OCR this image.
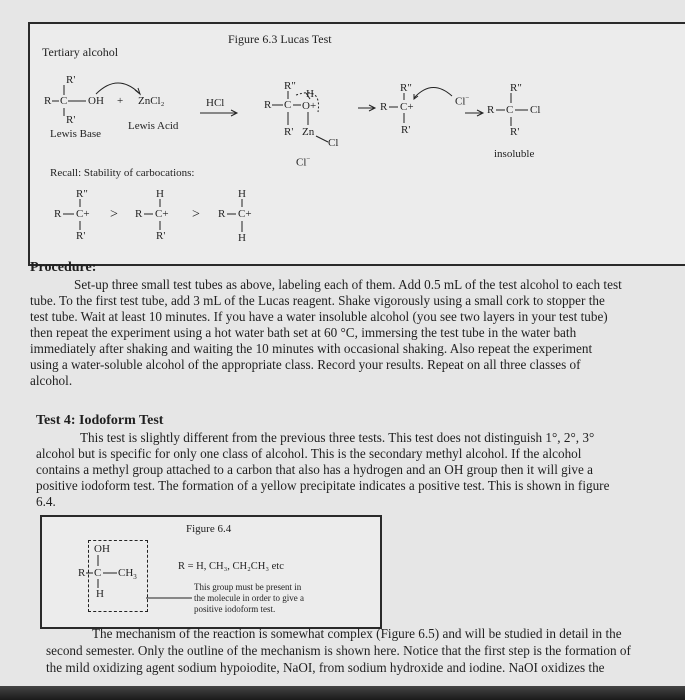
Figure 6.3 Lucas Test
Tertiary alcohol
R'
R C OH
R'
+ ZnCl₂
Lewis Base
Lewis Acid
HCl
R"
H
R C O+
R' Zn
Cl
Cl−
R"
R C+
R'
Cl−
R"
R C Cl
R'
insoluble
Recall: Stability of carbocations:
R"
R C+
R'
>
H
R C+
R'
>
H
R C+
H
Procedure:
Set-up three small test tubes as above, labeling each of them. Add 0.5 mL of the test alcohol to each test
tube. To the first test tube, add 3 mL of the Lucas reagent. Shake vigorously using a small cork to stopper the
test tube. Wait at least 10 minutes. If you have a water insoluble alcohol (you see two layers in your test tube)
then repeat the experiment using a hot water bath set at 60 °C, immersing the test tube in the water bath
immediately after shaking and waiting the 10 minutes with occasional shaking. Also repeat the experiment
using a water-soluble alcohol of the appropriate class. Record your results. Repeat on all three classes of
alcohol.
Test 4: Iodoform Test
This test is slightly different from the previous three tests. This test does not distinguish 1°, 2°, 3°
alcohol but is specific for only one class of alcohol. This is the secondary methyl alcohol. If the alcohol
contains a methyl group attached to a carbon that also has a hydrogen and an OH group then it will give a
positive iodoform test. The formation of a yellow precipitate indicates a positive test. This is shown in figure
6.4.
Figure 6.4
OH
R C $CH_3$
H
R = H, CH₃, CH₂CH₃ etc
This group must be present in
the molecule in order to give a
positive iodoform test.
The mechanism of the reaction is somewhat complex (Figure 6.5) and will be studied in detail in the
second semester. Only the outline of the mechanism is shown here. Notice that the first step is the formation of
the mild oxidizing agent sodium hypoiodite, NaOI, from sodium hydroxide and iodine. NaOI oxidizes the
